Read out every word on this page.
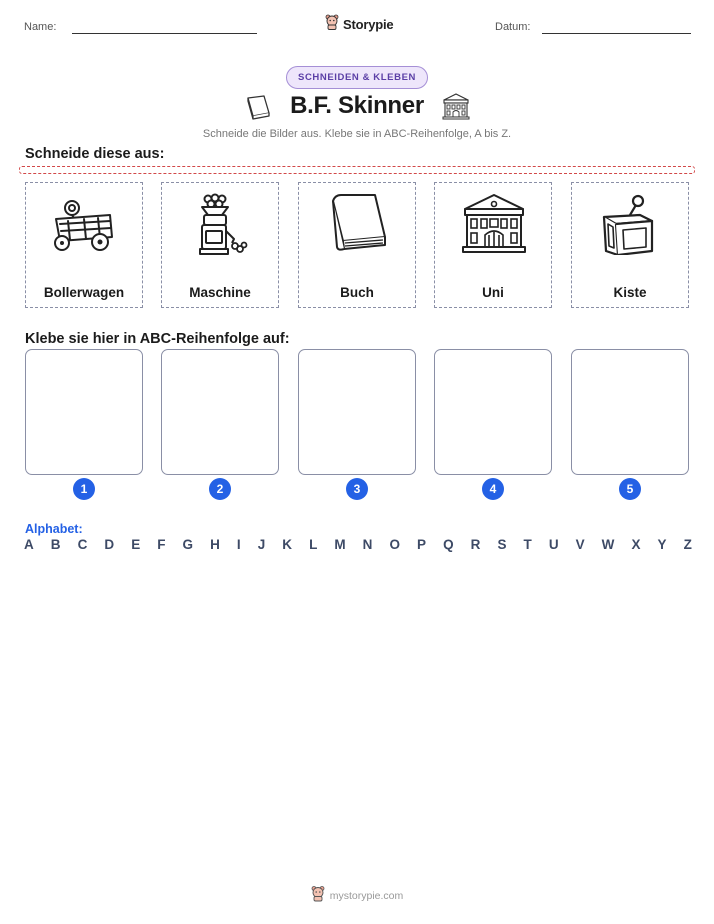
Name:	Storypie	Datum:
SCHNEIDEN & KLEBEN
B.F. Skinner
Schneide die Bilder aus. Klebe sie in ABC-Reihenfolge, A bis Z.
Schneide diese aus:
Bollerwagen	Maschine	Buch	Uni	Kiste
Klebe sie hier in ABC-Reihenfolge auf:
1	2	3	4	5
Alphabet:
A B C D E F G H I J K L M N O P Q R S T U V W X Y Z
mystorypie.com
